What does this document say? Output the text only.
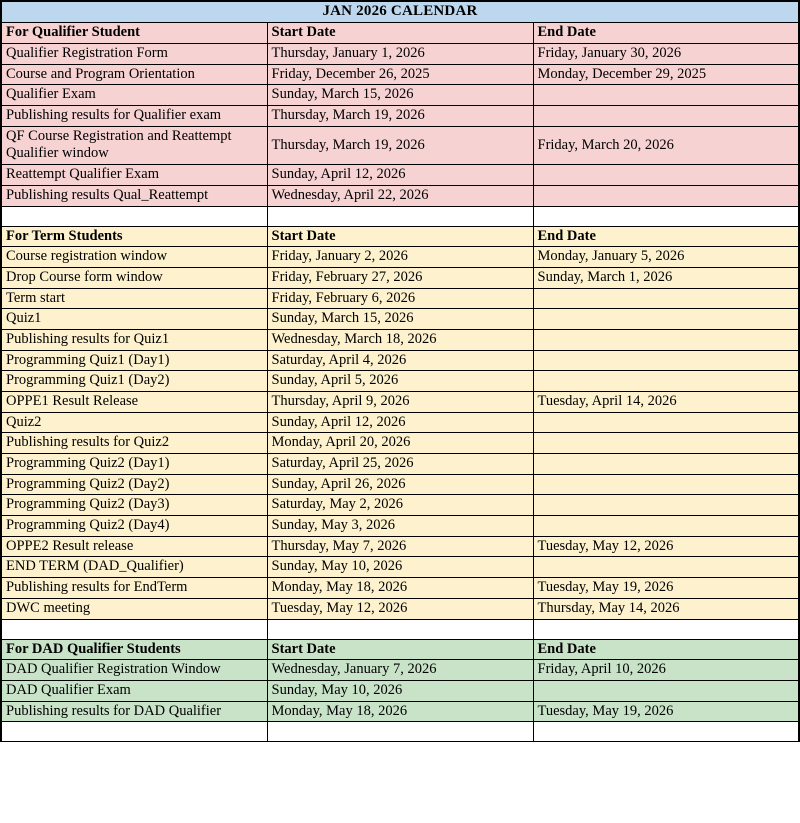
JAN 2026 CALENDAR		
For Qualifier Student	Start Date	End Date
Qualifier Registration Form	Thursday, January 1, 2026	Friday, January 30, 2026
Course and Program Orientation	Friday, December 26, 2025	Monday, December 29, 2025
Qualifier Exam	Sunday, March 15, 2026	
Publishing results for Qualifier exam	Thursday, March 19, 2026	
QF Course Registration and Reattempt Qualifier window	Thursday, March 19, 2026	Friday, March 20, 2026
Reattempt Qualifier Exam	Sunday, April 12, 2026	
Publishing results Qual_Reattempt	Wednesday, April 22, 2026	

For Term Students	Start Date	End Date
Course registration window	Friday, January 2, 2026	Monday, January 5, 2026
Drop Course form window	Friday, February 27, 2026	Sunday, March 1, 2026
Term start	Friday, February 6, 2026	
Quiz1	Sunday, March 15, 2026	
Publishing results for Quiz1	Wednesday, March 18, 2026	
Programming Quiz1 (Day1)	Saturday, April 4, 2026	
Programming Quiz1 (Day2)	Sunday, April 5, 2026	
OPPE1 Result Release	Thursday, April 9, 2026	Tuesday, April 14, 2026
Quiz2	Sunday, April 12, 2026	
Publishing results for Quiz2	Monday, April 20, 2026	
Programming Quiz2 (Day1)	Saturday, April 25, 2026	
Programming Quiz2 (Day2)	Sunday, April 26, 2026	
Programming Quiz2 (Day3)	Saturday, May 2, 2026	
Programming Quiz2 (Day4)	Sunday, May 3, 2026	
OPPE2 Result release	Thursday, May 7, 2026	Tuesday, May 12, 2026
END TERM (DAD_Qualifier)	Sunday, May 10, 2026	
Publishing results for EndTerm	Monday, May 18, 2026	Tuesday, May 19, 2026
DWC meeting	Tuesday, May 12, 2026	Thursday, May 14, 2026

For DAD Qualifier Students	Start Date	End Date
DAD Qualifier Registration Window	Wednesday, January 7, 2026	Friday, April 10, 2026
DAD Qualifier Exam	Sunday, May 10, 2026	
Publishing results for DAD Qualifier	Monday, May 18, 2026	Tuesday, May 19, 2026
